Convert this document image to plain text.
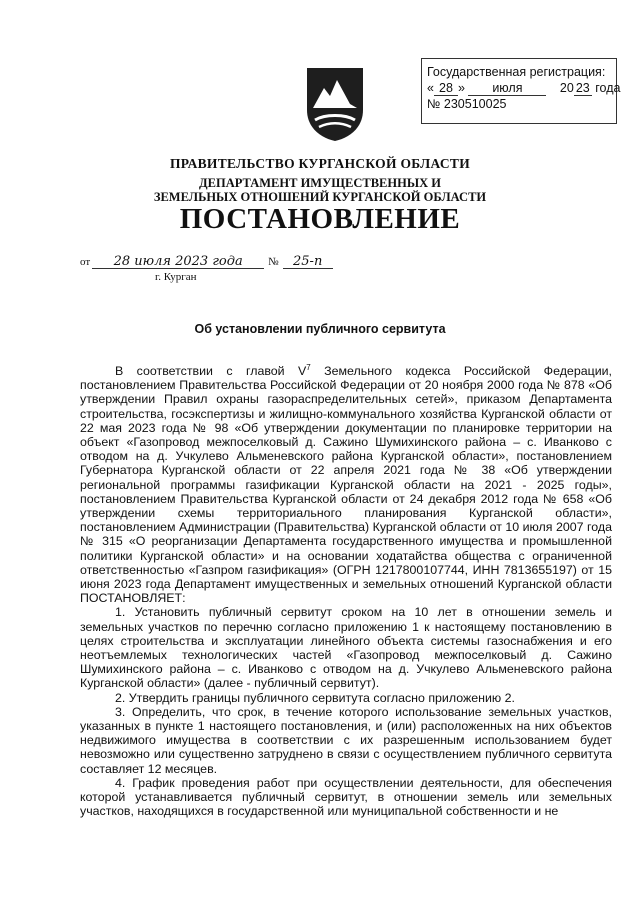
Государственная регистрация:
« 28 » июля	20 23 года
№ 230510025
ПРАВИТЕЛЬСТВО КУРГАНСКОЙ ОБЛАСТИ
ДЕПАРТАМЕНТ ИМУЩЕСТВЕННЫХ И
ЗЕМЕЛЬНЫХ ОТНОШЕНИЙ КУРГАНСКОЙ ОБЛАСТИ
ПОСТАНОВЛЕНИЕ
от 28 июля 2023 года № 25-п
г. Курган
Об установлении публичного сервитута

В соответствии с главой $V^7$ Земельного кодекса Российской Федерации, постановлением Правительства Российской Федерации от 20 ноября 2000 года № 878 «Об утверждении Правил охраны газораспределительных сетей», приказом Департамента строительства, госэкспертизы и жилищно-коммунального хозяйства Курганской области от 22 мая 2023 года № 98 «Об утверждении документации по планировке территории на объект «Газопровод межпоселковый д. Сажино Шумихинского района – с. Иванково с отводом на д. Учкулево Альменевского района Курганской области», постановлением Губернатора Курганской области от 22 апреля 2021 года № 38 «Об утверждении региональной программы газификации Курганской области на 2021 - 2025 годы», постановлением Правительства Курганской области от 24 декабря 2012 года № 658 «Об утверждении схемы территориального планирования Курганской области», постановлением Администрации (Правительства) Курганской области от 10 июля 2007 года № 315 «О реорганизации Департамента государственного имущества и промышленной политики Курганской области» и на основании ходатайства общества с ограниченной ответственностью «Газпром газификация» (ОГРН 1217800107744, ИНН 7813655197) от 15 июня 2023 года Департамент имущественных и земельных отношений Курганской области ПОСТАНОВЛЯЕТ:

1. Установить публичный сервитут сроком на 10 лет в отношении земель и земельных участков по перечню согласно приложению 1 к настоящему постановлению в целях строительства и эксплуатации линейного объекта системы газоснабжения и его неотъемлемых технологических частей «Газопровод межпоселковый д. Сажино Шумихинского района – с. Иванково с отводом на д. Учкулево Альменевского района Курганской области» (далее - публичный сервитут).

2. Утвердить границы публичного сервитута согласно приложению 2.

3. Определить, что срок, в течение которого использование земельных участков, указанных в пункте 1 настоящего постановления, и (или) расположенных на них объектов недвижимого имущества в соответствии с их разрешенным использованием будет невозможно или существенно затруднено в связи с осуществлением публичного сервитута составляет 12 месяцев.

4. График проведения работ при осуществлении деятельности, для обеспечения которой устанавливается публичный сервитут, в отношении земель или земельных участков, находящихся в государственной или муниципальной собственности и не
